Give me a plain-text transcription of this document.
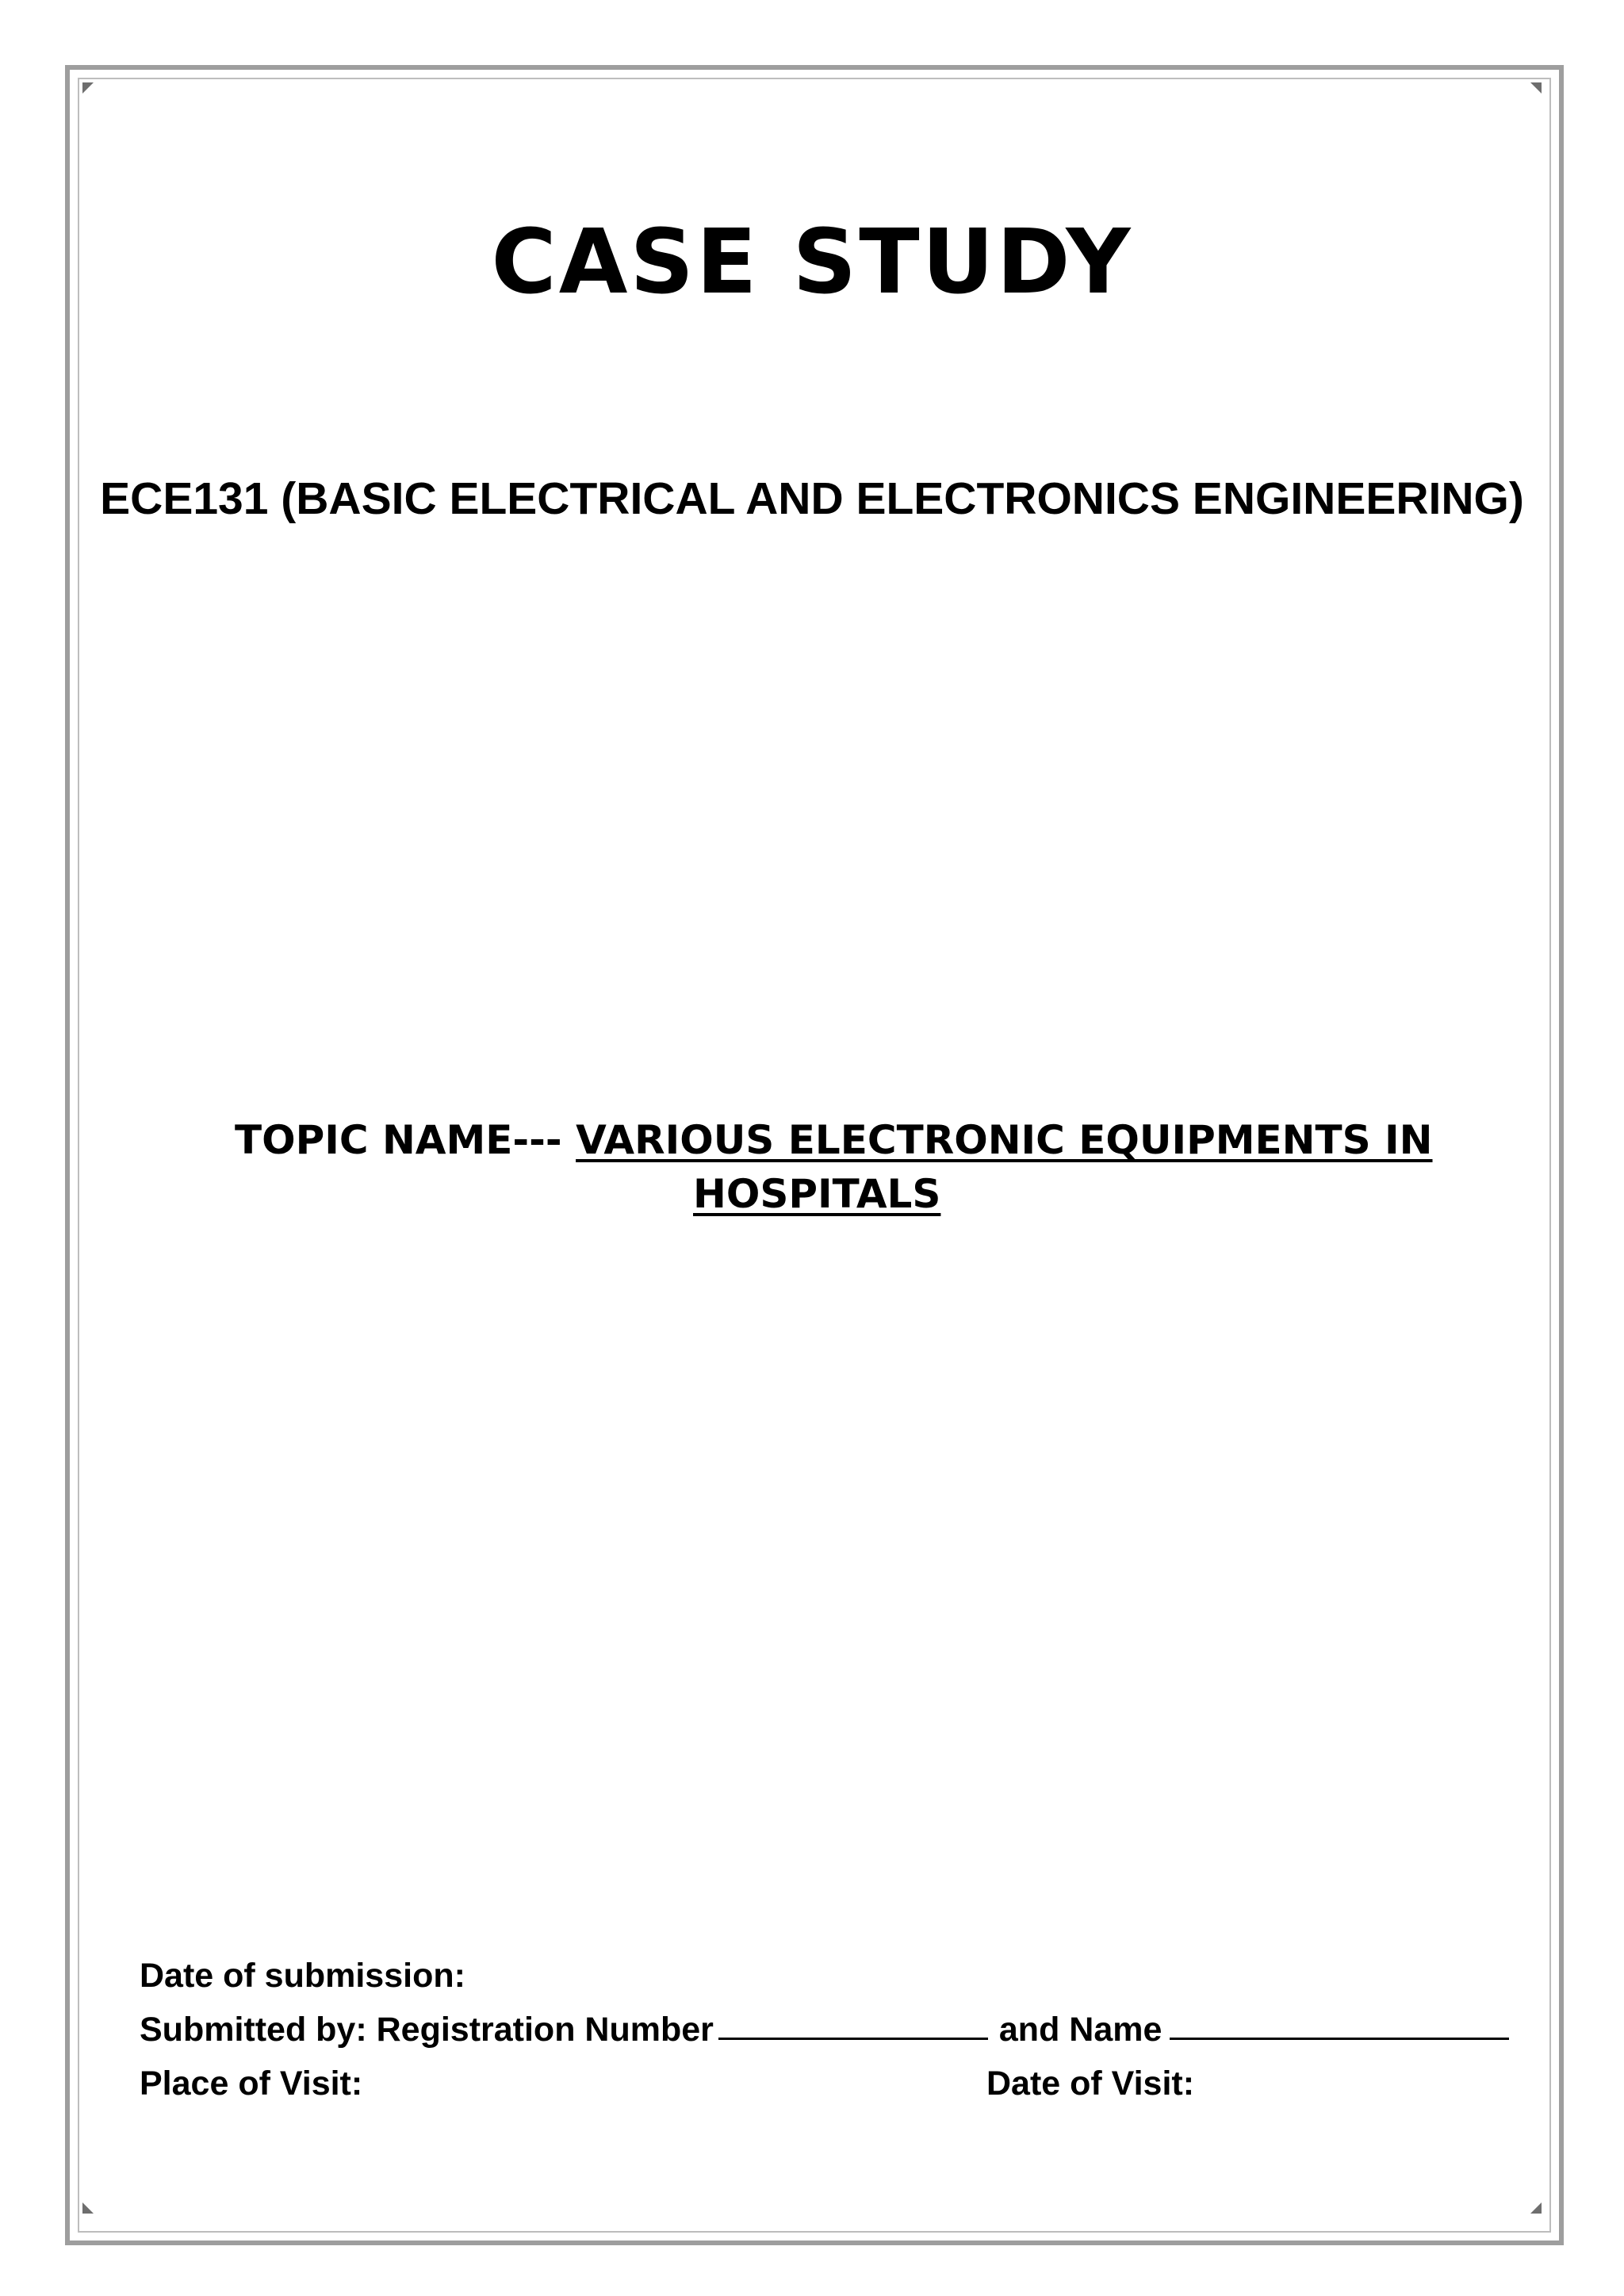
CASE STUDY
ECE131 (BASIC ELECTRICAL AND ELECTRONICS ENGINEERING)
TOPIC NAME--- VARIOUS ELECTRONIC EQUIPMENTS IN
HOSPITALS
Date of submission:
Submitted by: Registration Number	and Name
Place of Visit:	Date of Visit:
